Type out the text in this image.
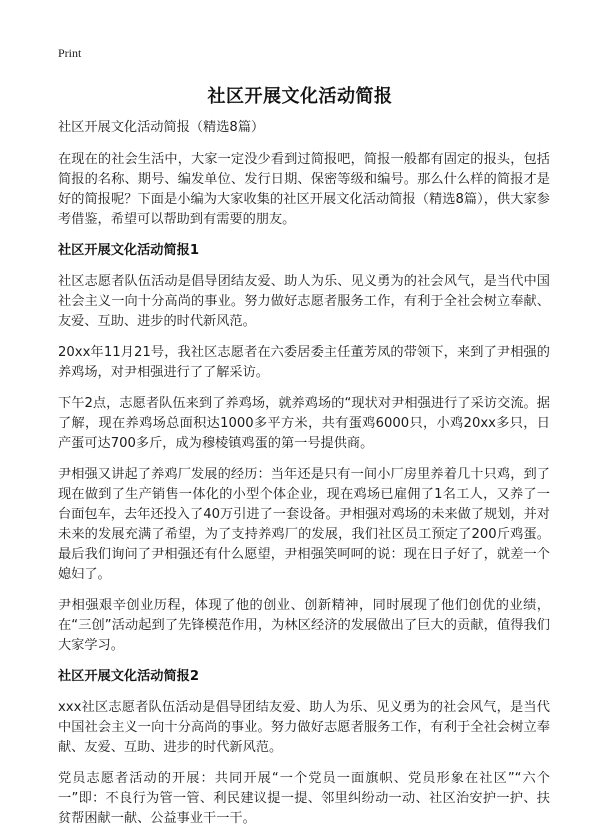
Print
社区开展文化活动简报

社区开展文化活动简报（精选8篇）

在现在的社会生活中，大家一定没少看到过简报吧，简报一般都有固定的报头，包括简报的名称、期号、编发单位、发行日期、保密等级和编号。那么什么样的简报才是好的简报呢？下面是小编为大家收集的社区开展文化活动简报（精选8篇），供大家参考借鉴，希望可以帮助到有需要的朋友。

社区开展文化活动简报1

社区志愿者队伍活动是倡导团结友爱、助人为乐、见义勇为的社会风气，是当代中国社会主义一向十分高尚的事业。努力做好志愿者服务工作，有利于全社会树立奉献、友爱、互助、进步的时代新风范。

20xx年11月21号，我社区志愿者在六委居委主任董芳凤的带领下，来到了尹相强的养鸡场，对尹相强进行了了解采访。

下午2点，志愿者队伍来到了养鸡场，就养鸡场的“现状对尹相强进行了采访交流。据了解，现在养鸡场总面积达1000多平方米，共有蛋鸡6000只，小鸡20xx多只，日产蛋可达700多斤，成为穆棱镇鸡蛋的第一号提供商。

尹相强又讲起了养鸡厂发展的经历：当年还是只有一间小厂房里养着几十只鸡，到了现在做到了生产销售一体化的小型个体企业，现在鸡场已雇佣了1名工人，又养了一台面包车，去年还投入了40万引进了一套设备。尹相强对鸡场的未来做了规划，并对未来的发展充满了希望，为了支持养鸡厂的发展，我们社区员工预定了200斤鸡蛋。最后我们询问了尹相强还有什么愿望，尹相强笑呵呵的说：现在日子好了，就差一个媳妇了。

尹相强艰辛创业历程，体现了他的创业、创新精神，同时展现了他们创优的业绩，在“三创”活动起到了先锋模范作用，为林区经济的发展做出了巨大的贡献，值得我们大家学习。

社区开展文化活动简报2

xxx社区志愿者队伍活动是倡导团结友爱、助人为乐、见义勇为的社会风气，是当代中国社会主义一向十分高尚的事业。努力做好志愿者服务工作，有利于全社会树立奉献、友爱、互助、进步的时代新风范。

党员志愿者活动的开展：共同开展“一个党员一面旗帜、党员形象在社区”“六个一”即：不良行为管一管、利民建议提一提、邻里纠纷动一动、社区治安护一护、扶贫帮困献一献、公益事业干一干。
